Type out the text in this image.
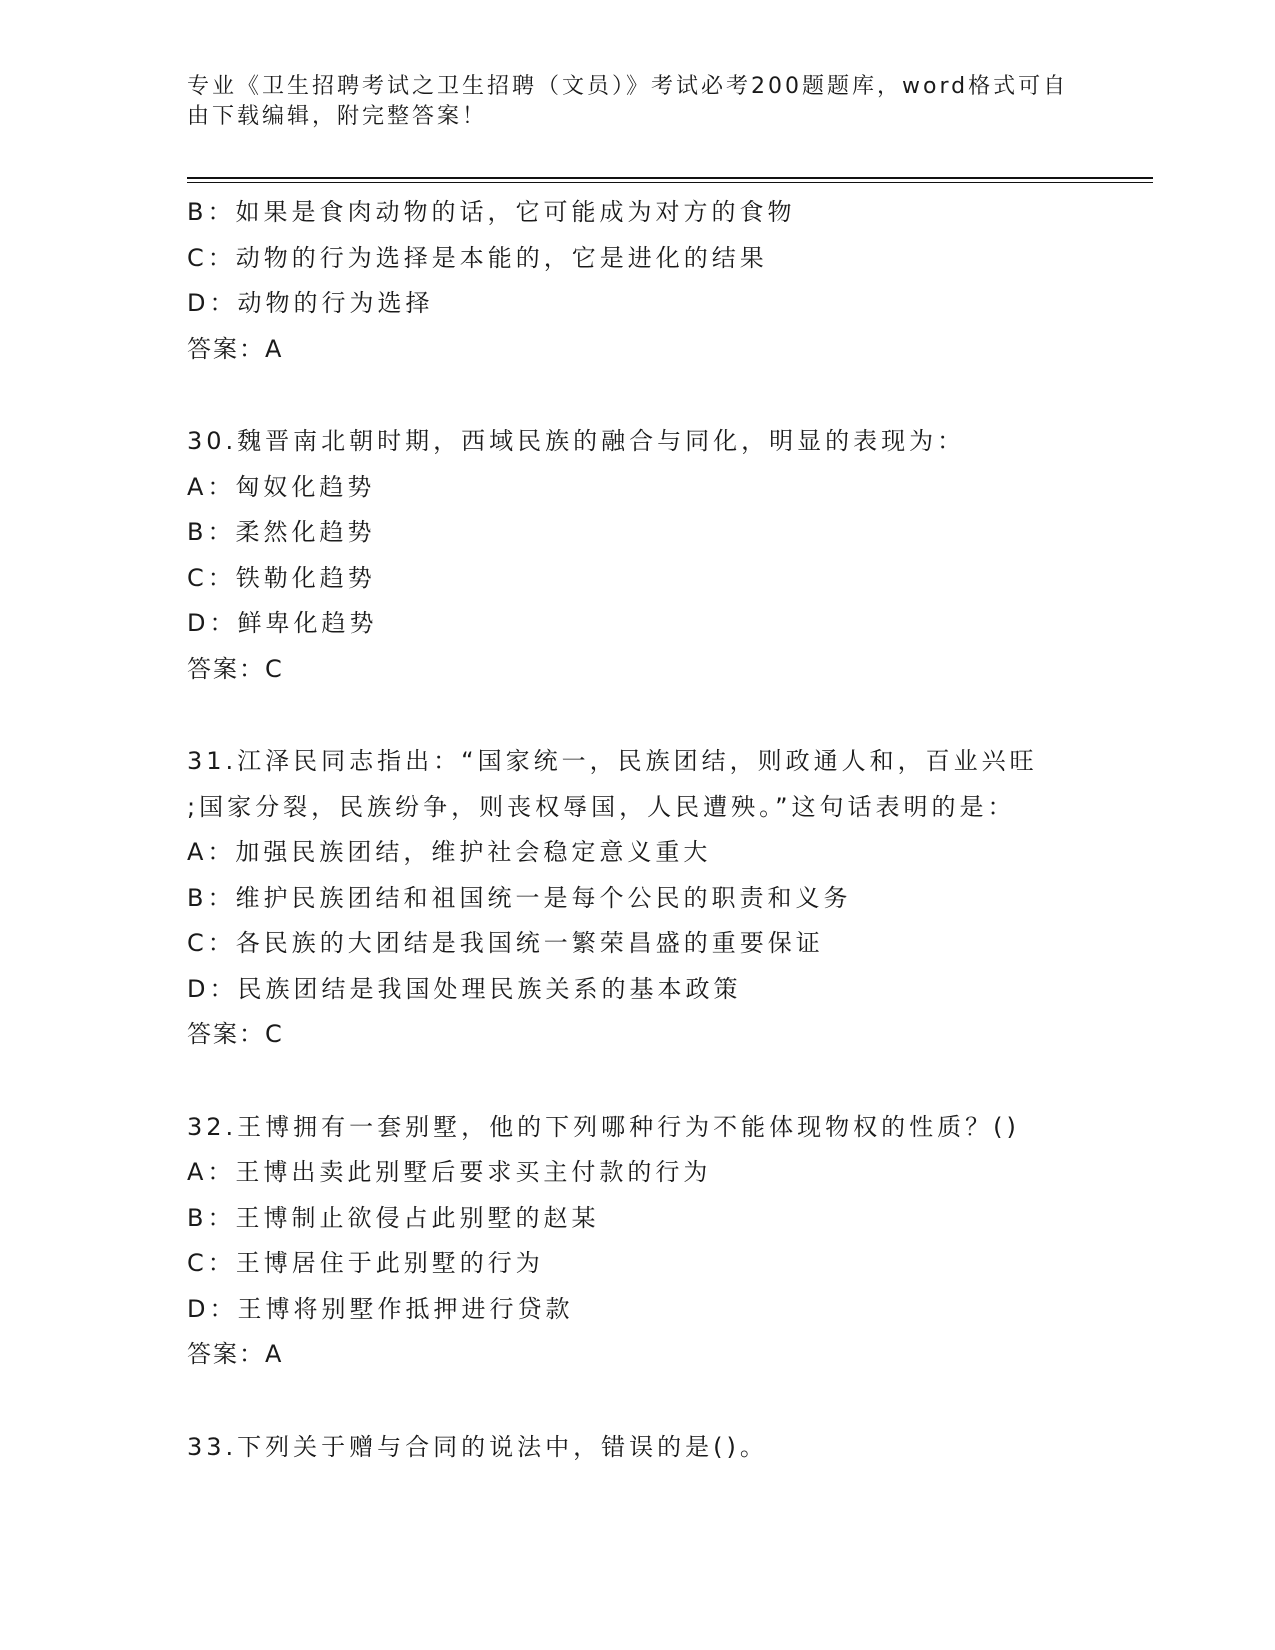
专业《卫生招聘考试之卫生招聘（文员）》考试必考200题题库，word格式可自
由下载编辑，附完整答案！
B：如果是食肉动物的话，它可能成为对方的食物
C：动物的行为选择是本能的，它是进化的结果
D：动物的行为选择
答案：A
30.魏晋南北朝时期，西域民族的融合与同化，明显的表现为：
A：匈奴化趋势
B：柔然化趋势
C：铁勒化趋势
D：鲜卑化趋势
答案：C
31.江泽民同志指出：“国家统一，民族团结，则政通人和，百业兴旺
;国家分裂，民族纷争，则丧权辱国，人民遭殃。”这句话表明的是：
A：加强民族团结，维护社会稳定意义重大
B：维护民族团结和祖国统一是每个公民的职责和义务
C：各民族的大团结是我国统一繁荣昌盛的重要保证
D：民族团结是我国处理民族关系的基本政策
答案：C
32.王博拥有一套别墅，他的下列哪种行为不能体现物权的性质？()
A：王博出卖此别墅后要求买主付款的行为
B：王博制止欲侵占此别墅的赵某
C：王博居住于此别墅的行为
D：王博将别墅作抵押进行贷款
答案：A
33.下列关于赠与合同的说法中，错误的是()。
